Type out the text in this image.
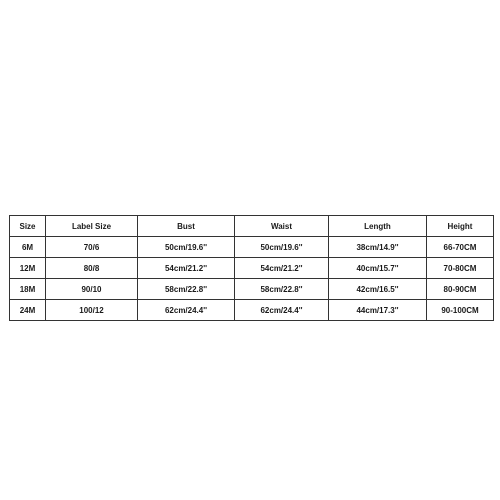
Size	Label Size	Bust	Waist	Length	Height
6M	70/6	50cm/19.6''	50cm/19.6''	38cm/14.9''	66-70CM
12M	80/8	54cm/21.2''	54cm/21.2''	40cm/15.7''	70-80CM
18M	90/10	58cm/22.8''	58cm/22.8''	42cm/16.5''	80-90CM
24M	100/12	62cm/24.4''	62cm/24.4''	44cm/17.3''	90-100CM
